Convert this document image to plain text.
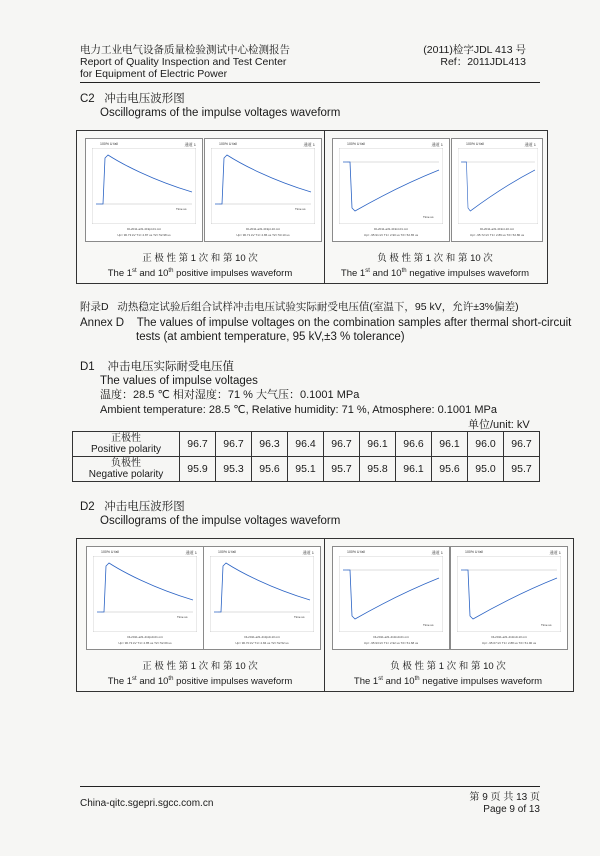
电力工业电气设备质量检验测试中心检测报告
Report of Quality Inspection and Test Center
for Equipment of Electric Power
(2011)检字JDL 413 号
Ref：2011JDL413
C2 冲击电压波形图
Oscillograms of the impulse voltages waveform
100% U fall	通道 1
Time us
DL2011-aif1-419pl-01.mit
Up= 96.73 kV T1= 2.87 us T2= 52.98 us
100% U fall	通道 1
Time us
DL2011-aif1-419pl-10.mit
Up= 96.71 kV T1= 2.86 us T2= 53.10 us
100% U fall	通道 1
Time us
DL2011-aif1-419nl-01.mit
Up= -95.91 kV T1= 2.90 us T2= 52.65 us
100% U fall	通道 1
DL2011-aif1-419nl-10.mit
Up= -95.72 kV T1= 2.89 us T2= 52.80 us
正 极 性 第 1 次 和 第 10 次
The 1st and 10th positive impulses waveform
负 极 性 第 1 次 和 第 10 次
The 1st and 10th negative impulses waveform
附录D 动热稳定试验后组合试样冲击电压试验实际耐受电压值(室温下，95 kV，允许±3%偏差)
Annex D The values of impulse voltages on the combination samples after thermal short-circuit
tests (at ambient temperature, 95 kV,±3 % tolerance)
D1 冲击电压实际耐受电压值
The values of impulse voltages
温度：28.5 ℃ 相对湿度：71 % 大气压：0.1001 MPa
Ambient temperature: 28.5 ℃, Relative humidity: 71 %, Atmosphere: 0.1001 MPa
单位/unit: kV
正极性
Positive polarity	96.7	96.7	96.3	96.4	96.7	96.1	96.6	96.1	96.0	96.7

负极性
Negative polarity	95.9	95.3	95.6	95.1	95.7	95.8	96.1	95.6	95.0	95.7
D2 冲击电压波形图
Oscillograms of the impulse voltages waveform
100% U fall	通道 1
Time us
DL2011-aif1-413pdl-01.mit
Up= 96.73 kV T1= 2.85 us T2= 52.09 us
100% U fall	通道 1
Time us
DL2011-aif1-413pdl-10.mit
Up= 96.70 kV T1= 2.84 us T2= 52.52 us
100% U fall	通道 1
Time us
DL2011-aif1-413ndl-01.mit
Up= -95.93 kV T1= 2.92 us T2= 51.68 us
100% U fall	通道 1
Time us
DL2011-aif1-413ndl-10.mit
Up= -95.67 kV T1= 2.88 us T2= 51.90 us
正 极 性 第 1 次 和 第 10 次
The 1st and 10th positive impulses waveform
负 极 性 第 1 次 和 第 10 次
The 1st and 10th negative impulses waveform
China-qitc.sgepri.sgcc.com.cn
第 9 页 共 13 页
Page 9 of 13
